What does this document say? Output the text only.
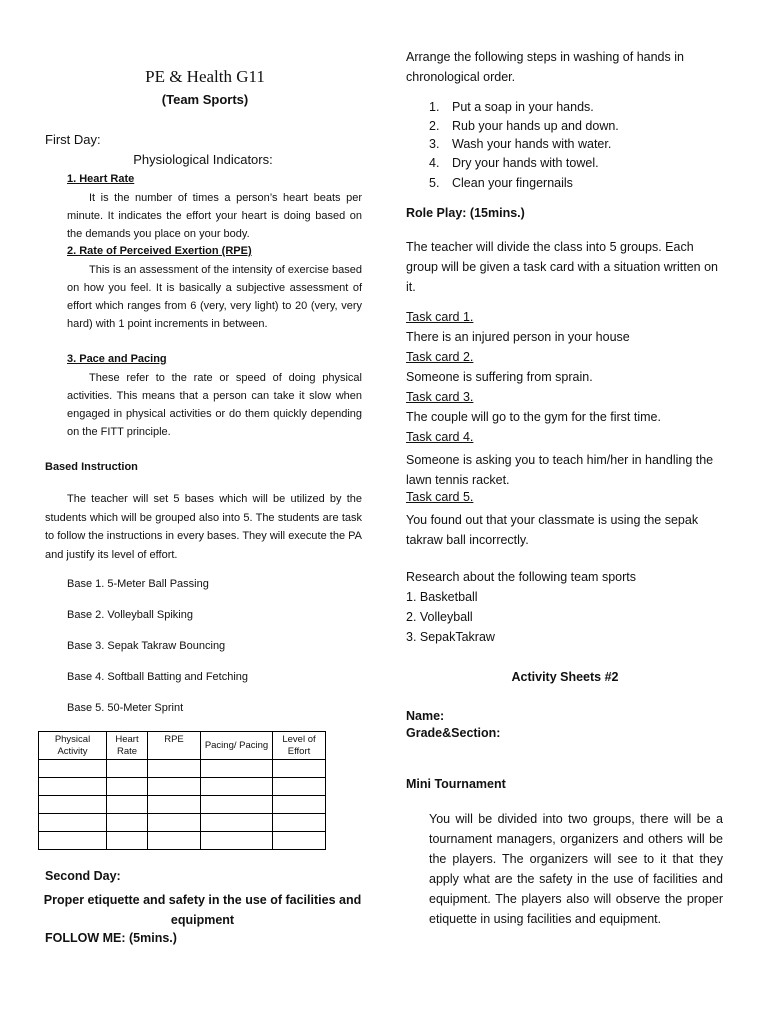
PE & Health G11
(Team Sports)
First Day:
Physiological Indicators:
1. Heart Rate
It is the number of times a person’s heart beats per minute. It indicates the effort your heart is doing based on the demands you place on your body.
2. Rate of Perceived Exertion (RPE)
This is an assessment of the intensity of exercise based on how you feel. It is basically a subjective assessment of effort which ranges from 6 (very, very light) to 20 (very, very hard) with 1 point increments in between.
3. Pace and Pacing
These refer to the rate or speed of doing physical activities. This means that a person can take it slow when engaged in physical activities or do them quickly depending on the FITT principle.
Based Instruction
The teacher will set 5 bases which will be utilized by the students which will be grouped also into 5. The students are task to follow the instructions in every bases. They will execute the PA and justify its level of effort.
Base 1. 5-Meter Ball Passing
Base 2. Volleyball Spiking
Base 3. Sepak Takraw Bouncing
Base 4. Softball Batting and Fetching
Base 5. 50-Meter Sprint
Physical Activity	Heart Rate	RPE	Pacing/ Pacing	Level of Effort

Second Day:
Proper etiquette and safety in the use of facilities and equipment
FOLLOW ME: (5mins.)
Arrange the following steps in washing of hands in chronological order.
1. Put a soap in your hands.
2. Rub your hands up and down.
3. Wash your hands with water.
4. Dry your hands with towel.
5. Clean your fingernails
Role Play: (15mins.)
The teacher will divide the class into 5 groups. Each group will be given a task card with a situation written on it.
Task card 1.
There is an injured person in your house
Task card 2.
Someone is suffering from sprain.
Task card 3.
The couple will go to the gym for the first time.
Task card 4.
Someone is asking you to teach him/her in handling the lawn tennis racket.
Task card 5.
You found out that your classmate is using the sepak takraw ball incorrectly.
Research about the following team sports
1. Basketball
2. Volleyball
3. SepakTakraw
Activity Sheets #2
Name:
Grade&Section:
Mini Tournament
You will be divided into two groups, there will be a tournament managers, organizers and others will be the players. The organizers will see to it that they apply what are the safety in the use of facilities and equipment. The players also will observe the proper etiquette in using facilities and equipment.
